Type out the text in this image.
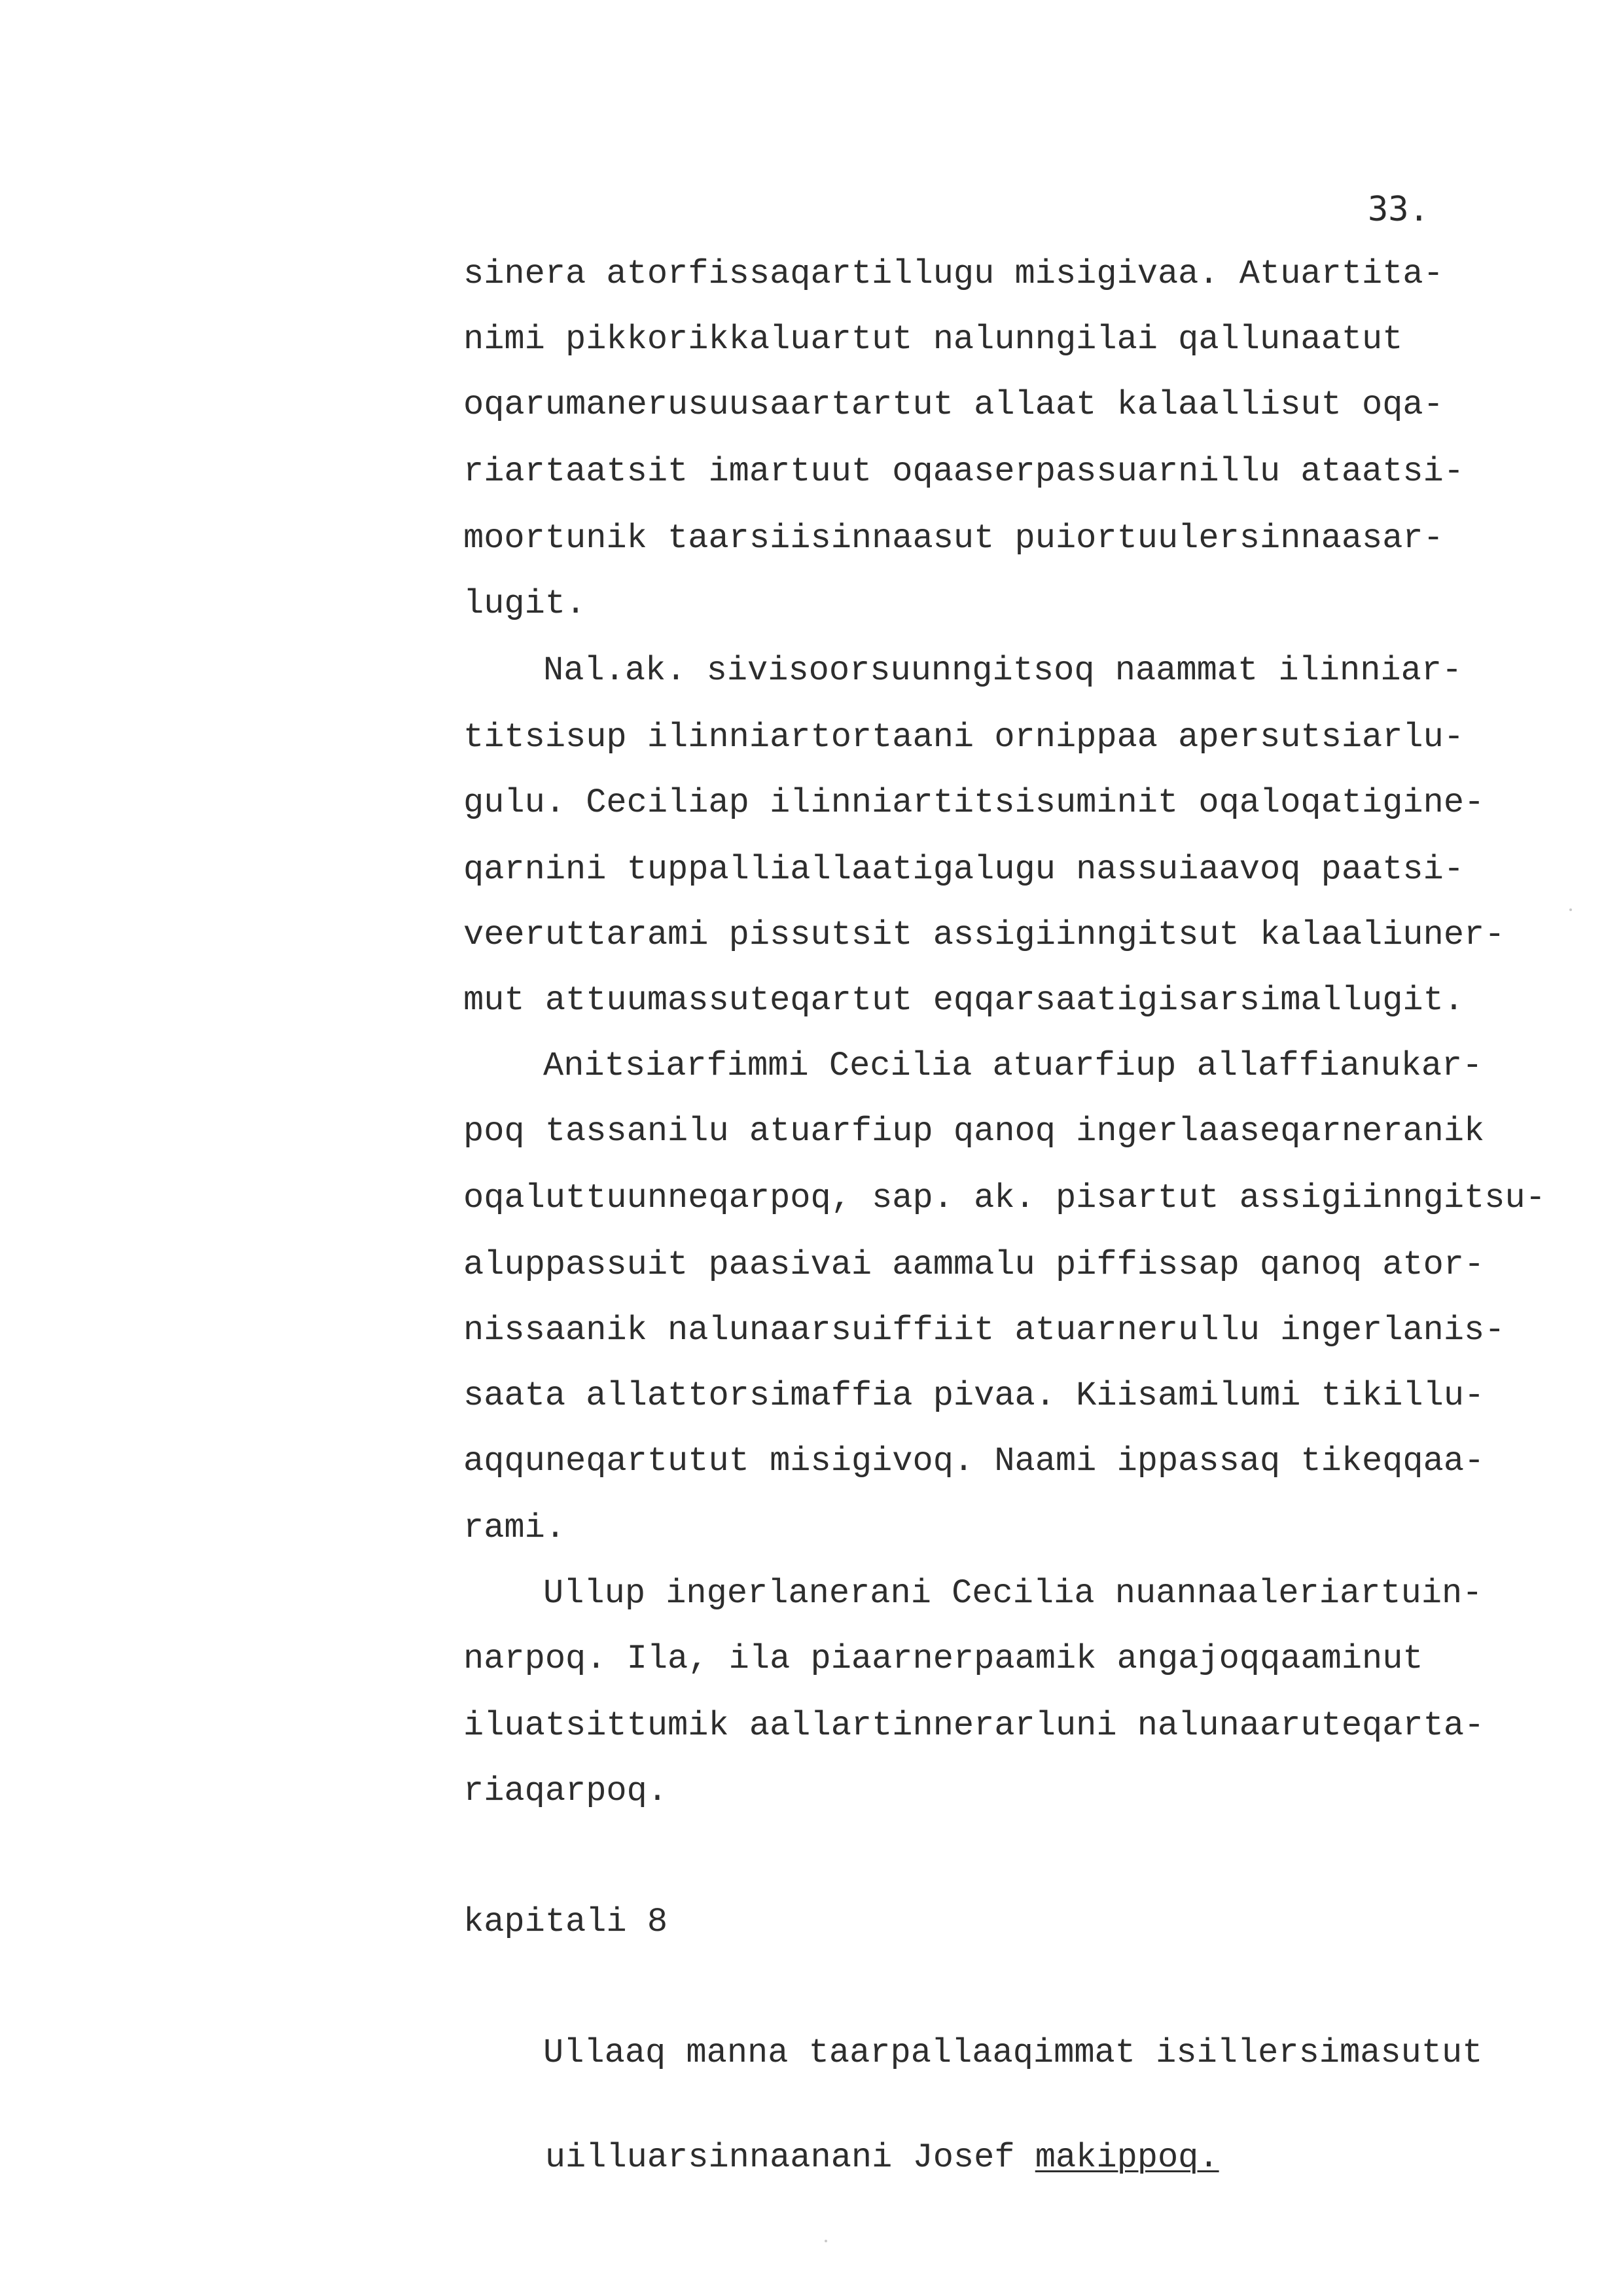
33.
sinera atorfissaqartillugu misigivaa. Atuartita-
nimi pikkorikkaluartut nalunngilai qallunaatut
oqarumanerusuusaartartut allaat kalaallisut oqa-
riartaatsit imartuut oqaaserpassuarnillu ataatsi-
moortunik taarsiisinnaasut puiortuulersinnaasar-
lugit.
Nal.ak. sivisoorsuunngitsoq naammat ilinniar-
titsisup ilinniartortaani ornippaa apersutsiarlu-
gulu. Ceciliap ilinniartitsisuminit oqaloqatigine-
qarnini tuppalliallaatigalugu nassuiaavoq paatsi-
veeruttarami pissutsit assigiinngitsut kalaaliuner-
mut attuumassuteqartut eqqarsaatigisarsimallugit.
Anitsiarfimmi Cecilia atuarfiup allaffianukar-
poq tassanilu atuarfiup qanoq ingerlaaseqarneranik
oqaluttuunneqarpoq, sap. ak. pisartut assigiinngitsu-
aluppassuit paasivai aammalu piffissap qanoq ator-
nissaanik nalunaarsuiffiit atuarnerullu ingerlanis-
saata allattorsimaffia pivaa. Kiisamilumi tikillu-
aqquneqartutut misigivoq. Naami ippassaq tikeqqaa-
rami.
Ullup ingerlanerani Cecilia nuannaaleriartuin-
narpoq. Ila, ila piaarnerpaamik angajoqqaaminut
iluatsittumik aallartinnerarluni nalunaaruteqarta-
riaqarpoq.
kapitali 8
Ullaaq manna taarpallaaqimmat isillersimasutut

uilluarsinnaanani Josef makippoq.
